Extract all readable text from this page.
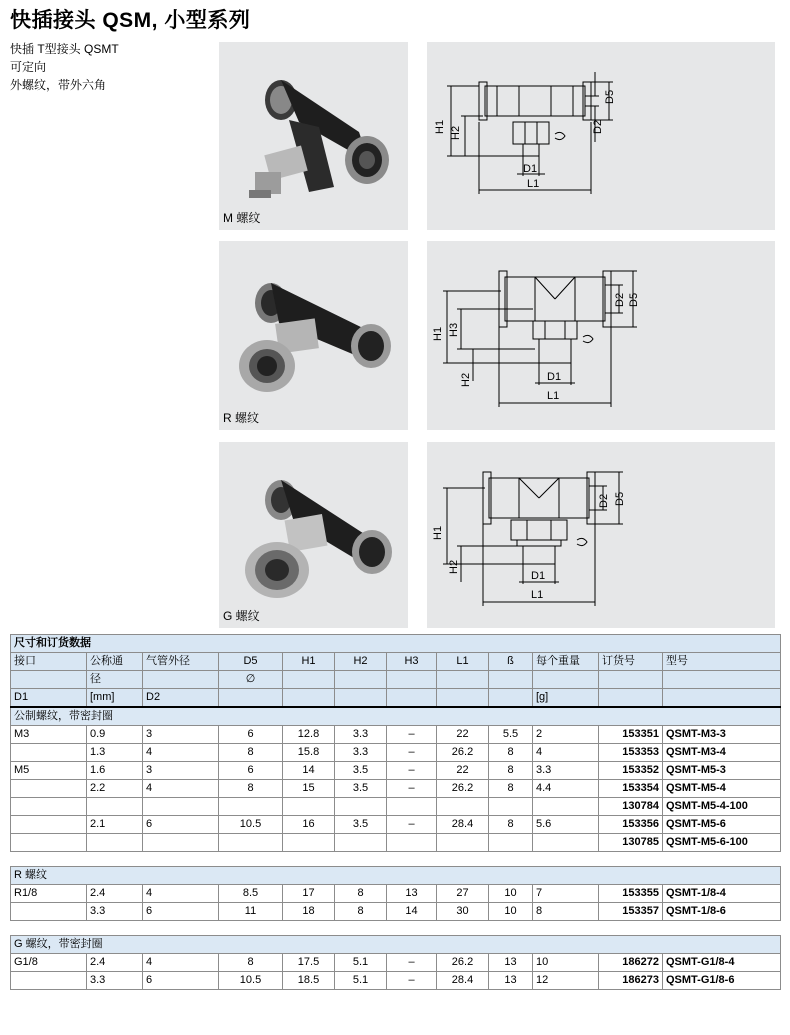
快插接头 QSM, 小型系列
快插 T型接头 QSMT
可定向
外螺纹，带外六角
M 螺纹
R 螺纹
G 螺纹
H1 H2
D5
D2
D1
L1
H1 H3
H2
D5
D2
D1
L1
H1
H2
D5
D2
D1
L1
尺寸和订货数据											
接口	公称通	气管外径	D5	H1	H2	H3	L1	ß	每个重量	订货号	型号
	径		∅								
D1	[mm]	D2							[g]		
公制螺纹，带密封圈											
M3	0.9	3	6	12.8	3.3	–	22	5.5	2	153351	QSMT-M3-3
	1.3	4	8	15.8	3.3	–	26.2	8	4	153353	QSMT-M3-4
M5	1.6	3	6	14	3.5	–	22	8	3.3	153352	QSMT-M5-3
	2.2	4	8	15	3.5	–	26.2	8	4.4	153354	QSMT-M5-4
										130784	QSMT-M5-4-100
	2.1	6	10.5	16	3.5	–	28.4	8	5.6	153356	QSMT-M5-6
										130785	QSMT-M5-6-100

R 螺纹											
R1/8	2.4	4	8.5	17	8	13	27	10	7	153355	QSMT-1/8-4
	3.3	6	11	18	8	14	30	10	8	153357	QSMT-1/8-6

G 螺纹，带密封圈											
G1/8	2.4	4	8	17.5	5.1	–	26.2	13	10	186272	QSMT-G1/8-4
	3.3	6	10.5	18.5	5.1	–	28.4	13	12	186273	QSMT-G1/8-6
